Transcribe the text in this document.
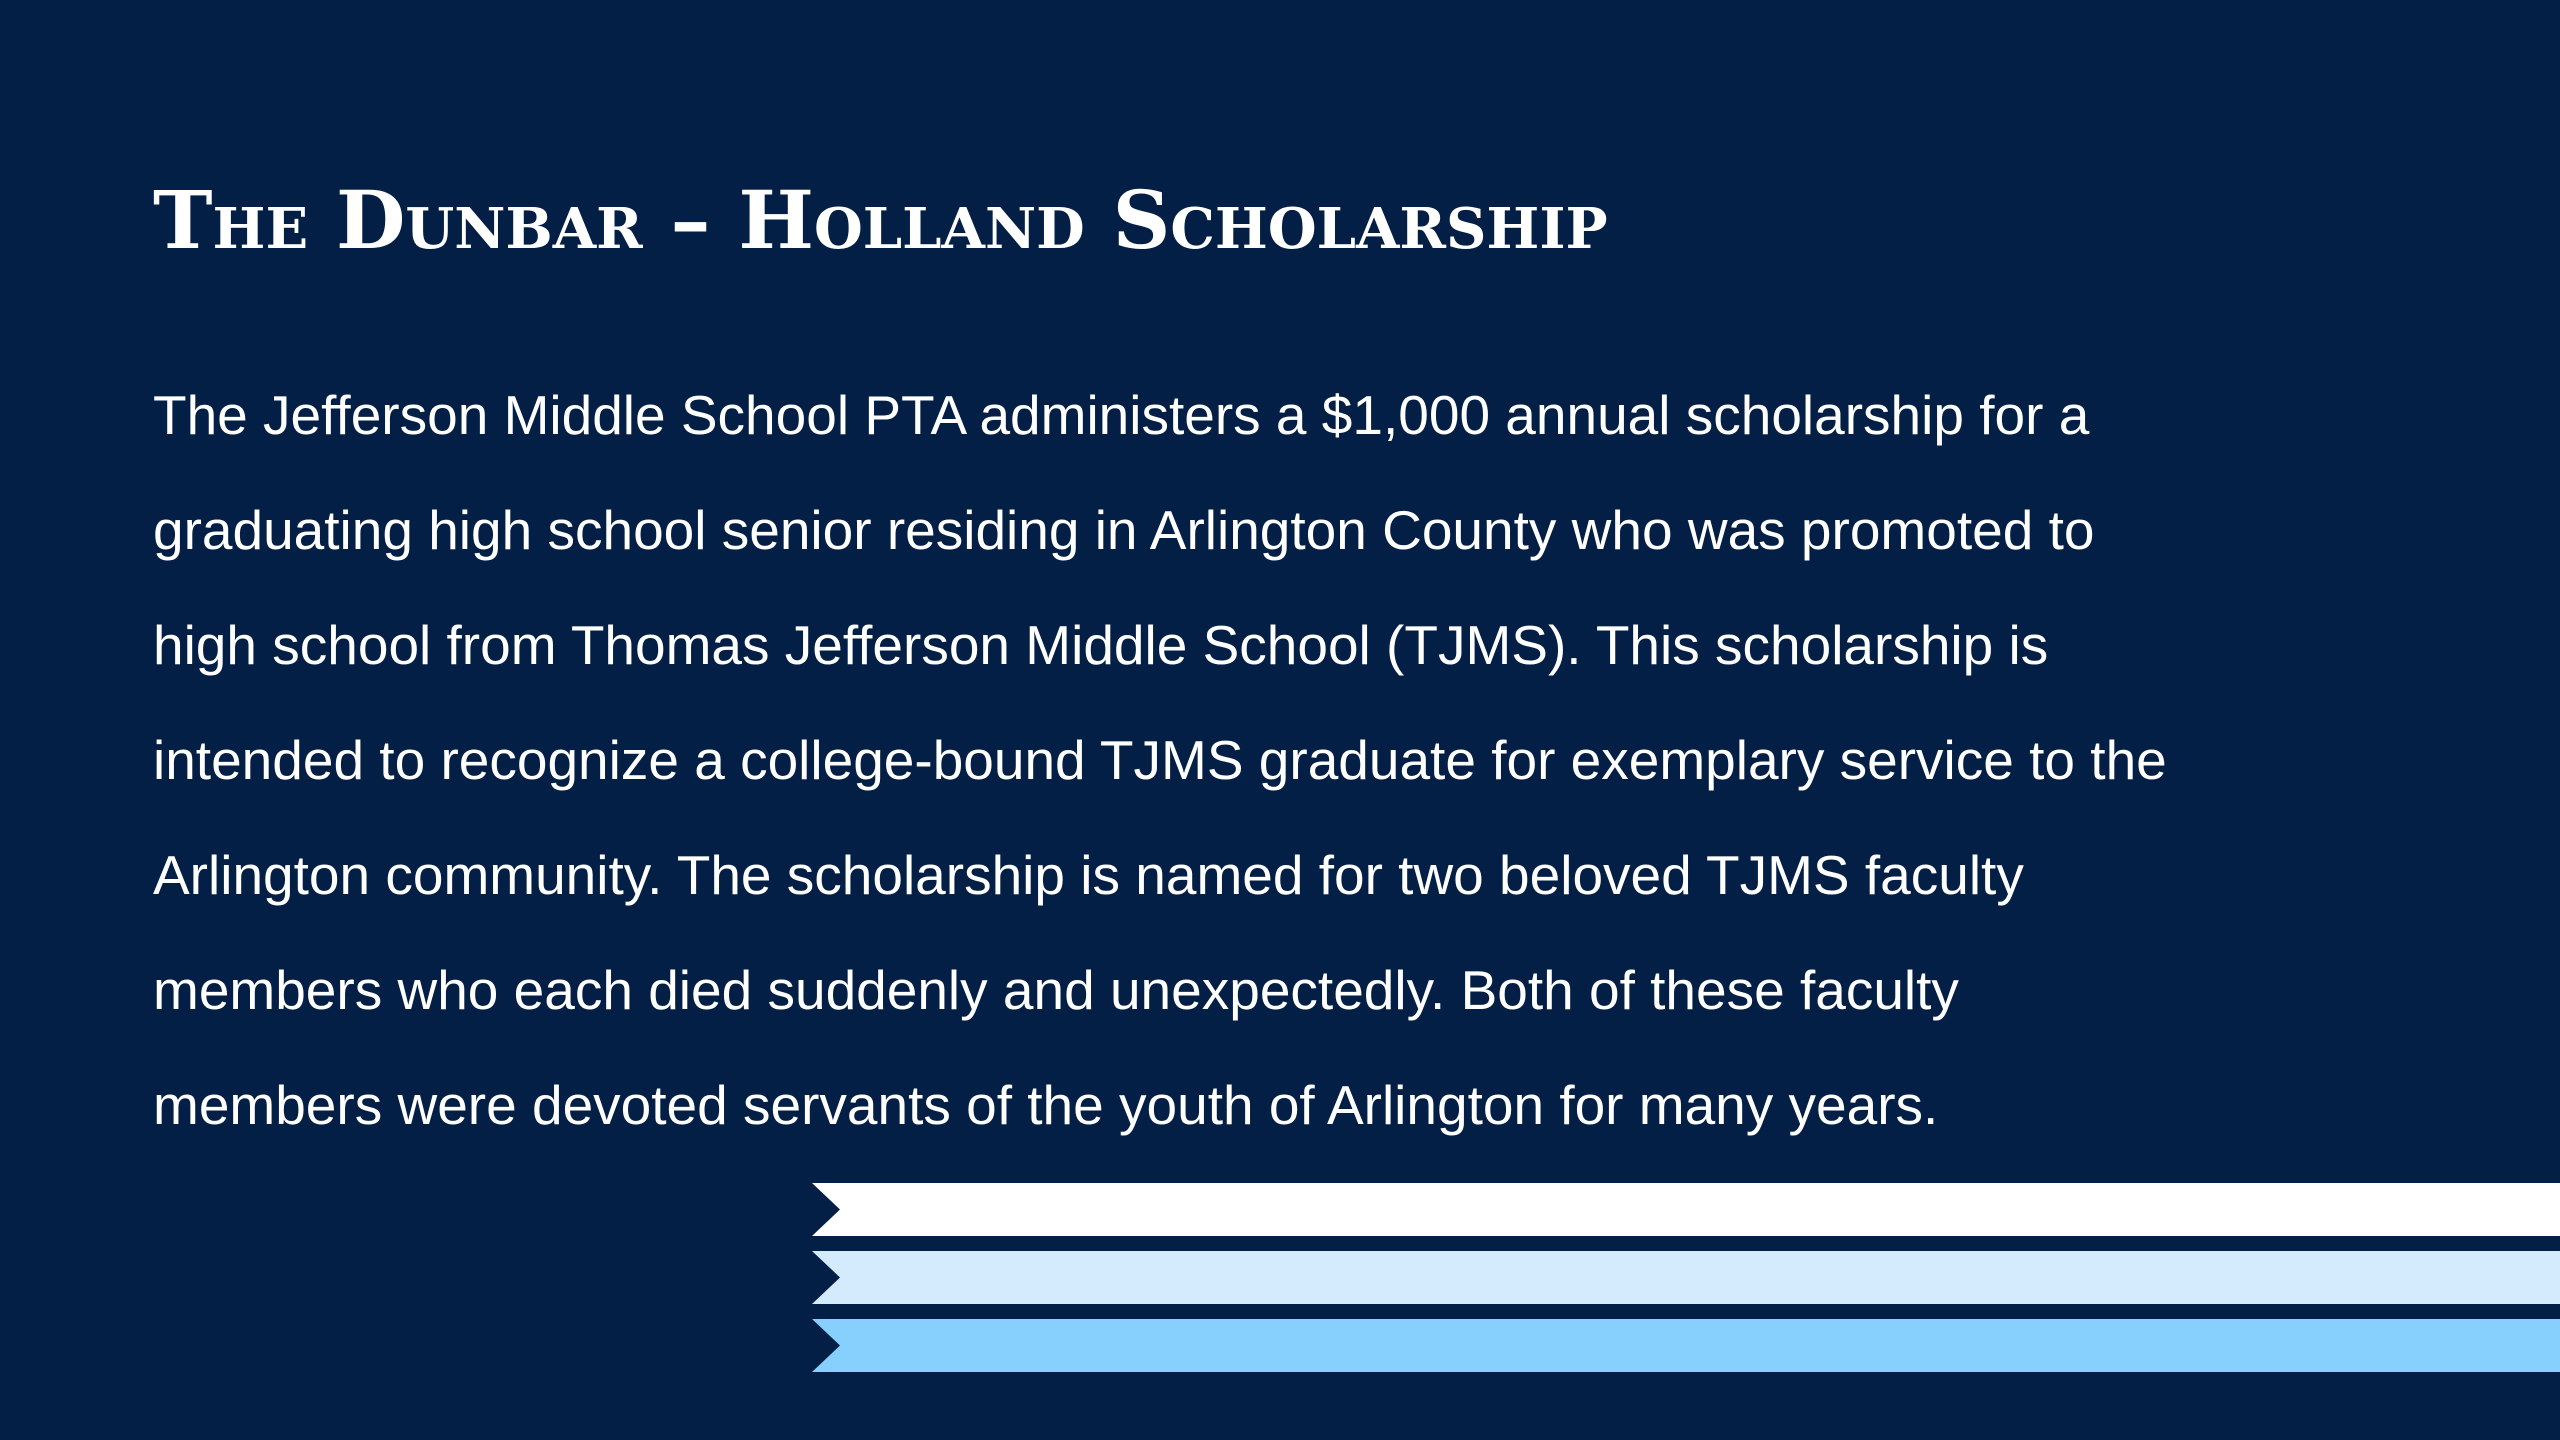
The Dunbar – Holland Scholarship

The Jefferson Middle School PTA administers a $1,000 annual scholarship for a
graduating high school senior residing in Arlington County who was promoted to
high school from Thomas Jefferson Middle School (TJMS). This scholarship is
intended to recognize a college-bound TJMS graduate for exemplary service to the
Arlington community. The scholarship is named for two beloved TJMS faculty
members who each died suddenly and unexpectedly. Both of these faculty
members were devoted servants of the youth of Arlington for many years.
